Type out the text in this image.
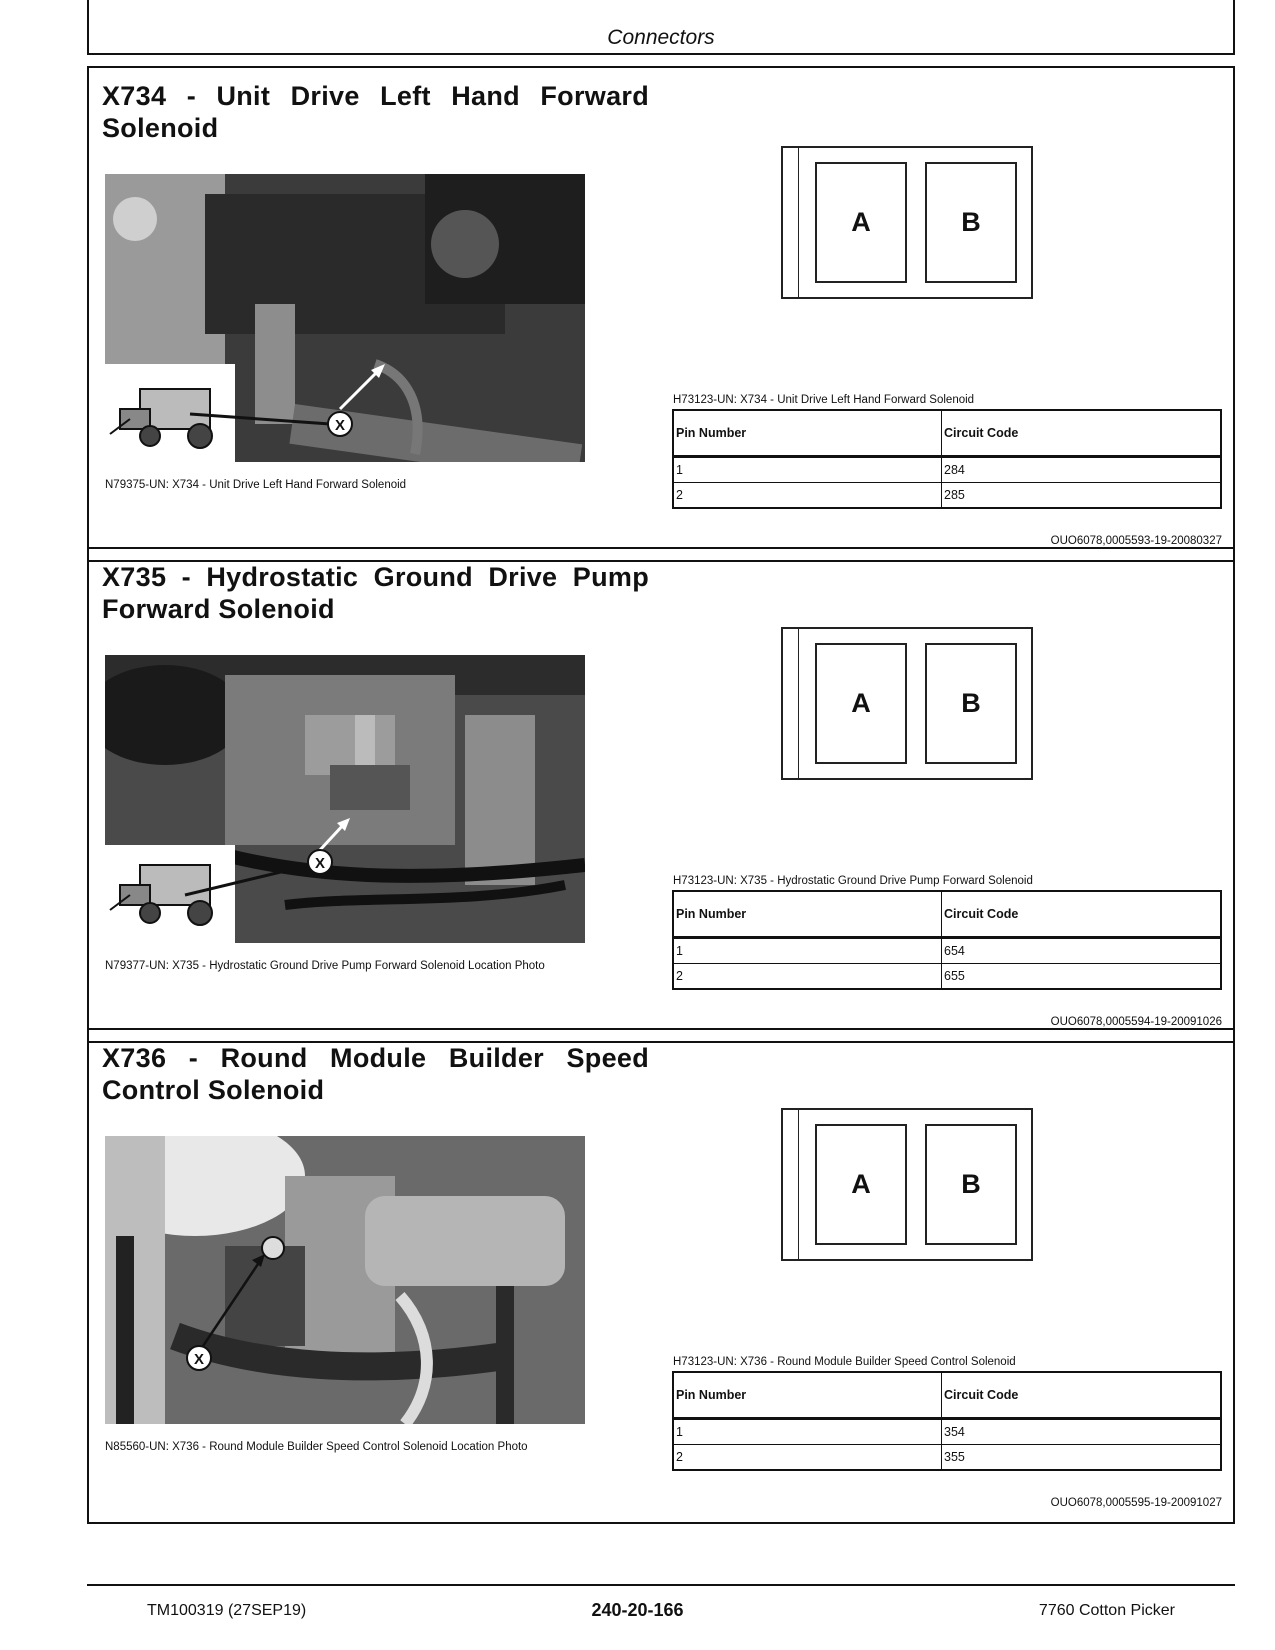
Connectors
X734 - Unit Drive Left Hand Forward Solenoid
X
N79375-UN: X734 - Unit Drive Left Hand Forward Solenoid
A	B
H73123-UN: X734 - Unit Drive Left Hand Forward Solenoid
Pin Number	Circuit Code
1	284
2	285
OUO6078,0005593-19-20080327
X735 - Hydrostatic Ground Drive Pump Forward Solenoid
X
N79377-UN: X735 - Hydrostatic Ground Drive Pump Forward Solenoid Location Photo
A	B
H73123-UN: X735 - Hydrostatic Ground Drive Pump Forward Solenoid
Pin Number	Circuit Code
1	654
2	655
OUO6078,0005594-19-20091026
X736 - Round Module Builder Speed Control Solenoid
X
N85560-UN: X736 - Round Module Builder Speed Control Solenoid Location Photo
A	B
H73123-UN: X736 - Round Module Builder Speed Control Solenoid
Pin Number	Circuit Code
1	354
2	355
OUO6078,0005595-19-20091027
TM100319 (27SEP19)	240-20-166	7760 Cotton Picker
